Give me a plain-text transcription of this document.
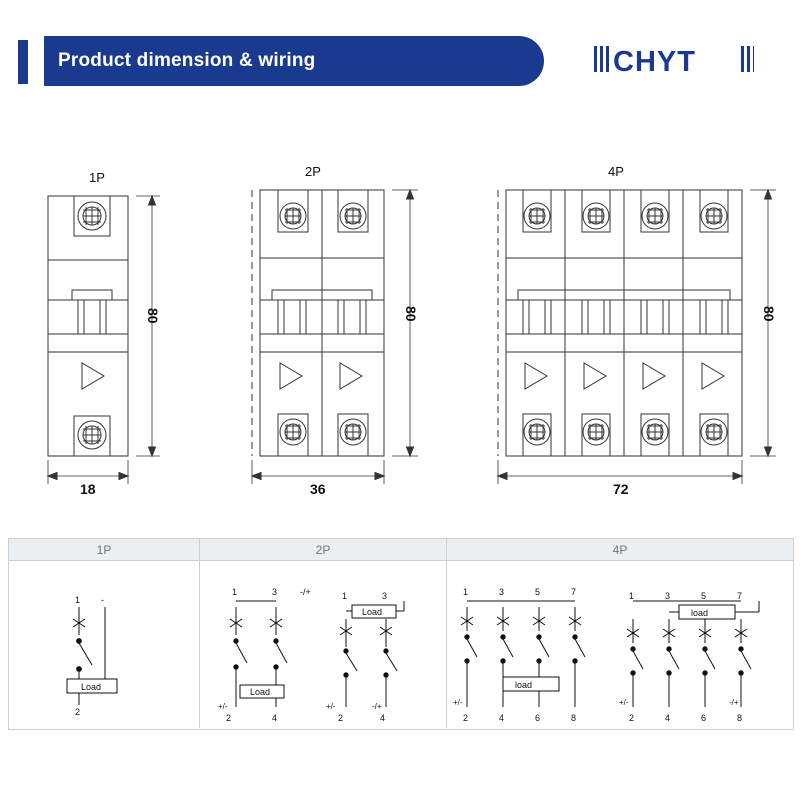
Product dimension & wiring	CHYT
1P	2P	4P
80	80	80
18	36	72
1P	2P	4P
1 -
2
Load
1	3	-/+
2	4
+/-
Load
1	3
Load
2	4
+/-	-/+
1	3	5	7
2	4	6	8
+/-
load
1	3	5	7
load
2	4	6	8
+/-	-/+
